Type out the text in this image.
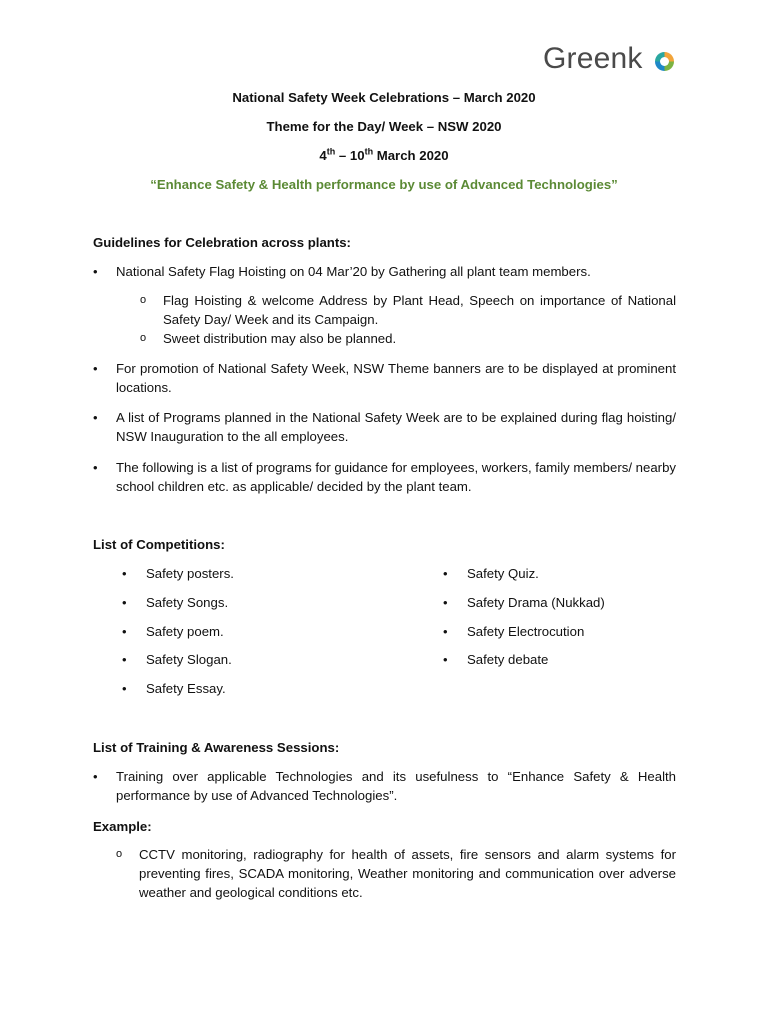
Greenk
National Safety Week Celebrations – March 2020
Theme for the Day/ Week – NSW 2020
4th – 10th March 2020
“Enhance Safety & Health performance by use of Advanced Technologies”
Guidelines for Celebration across plants:
• National Safety Flag Hoisting on 04 Mar’20 by Gathering all plant team members.
o Flag Hoisting & welcome Address by Plant Head, Speech on importance of National Safety Day/ Week and its Campaign.
o Sweet distribution may also be planned.
• For promotion of National Safety Week, NSW Theme banners are to be displayed at prominent locations.
• A list of Programs planned in the National Safety Week are to be explained during flag hoisting/ NSW Inauguration to the all employees.
• The following is a list of programs for guidance for employees, workers, family members/ nearby school children etc. as applicable/ decided by the plant team.
List of Competitions:
• Safety posters.
• Safety Songs.
• Safety poem.
• Safety Slogan.
• Safety Essay.
• Safety Quiz.
• Safety Drama (Nukkad)
• Safety Electrocution
• Safety debate
List of Training & Awareness Sessions:
• Training over applicable Technologies and its usefulness to “Enhance Safety & Health performance by use of Advanced Technologies”.
Example:
o CCTV monitoring, radiography for health of assets, fire sensors and alarm systems for preventing fires, SCADA monitoring, Weather monitoring and communication over adverse weather and geological conditions etc.
